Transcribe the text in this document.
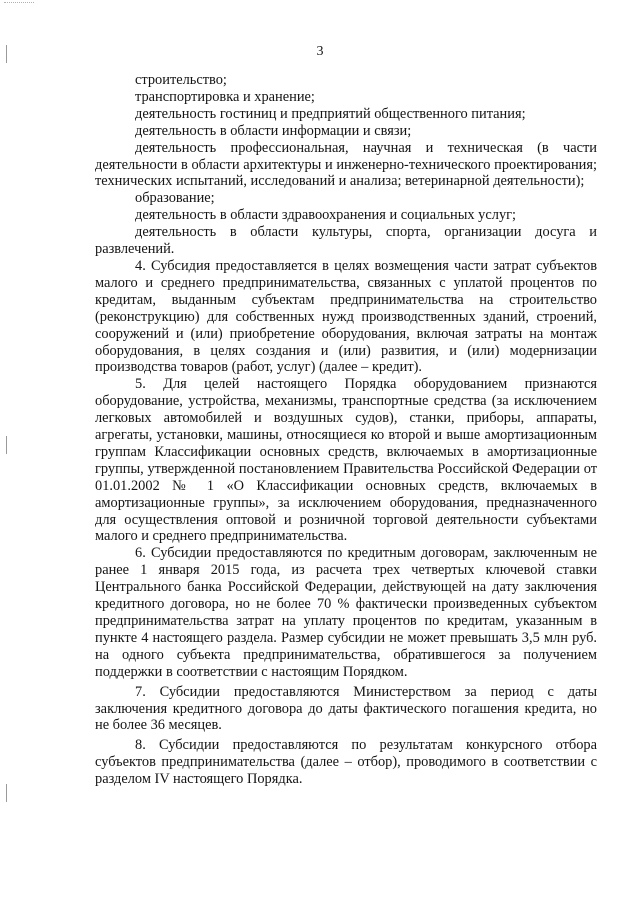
3

строительство;

транспортировка и хранение;

деятельность гостиниц и предприятий общественного питания;

деятельность в области информации и связи;

деятельность профессиональная, научная и техническая (в части деятельности в области архитектуры и инженерно-технического проектирования; технических испытаний, исследований и анализа; ветеринарной деятельности);

образование;

деятельность в области здравоохранения и социальных услуг;

деятельность в области культуры, спорта, организации досуга и развлечений.

4. Субсидия предоставляется в целях возмещения части затрат субъектов малого и среднего предпринимательства, связанных с уплатой процентов по кредитам, выданным субъектам предпринимательства на строительство (реконструкцию) для собственных нужд производственных зданий, строений, сооружений и (или) приобретение оборудования, включая затраты на монтаж оборудования, в целях создания и (или) развития, и (или) модернизации производства товаров (работ, услуг) (далее – кредит).

5. Для целей настоящего Порядка оборудованием признаются оборудование, устройства, механизмы, транспортные средства (за исключением легковых автомобилей и воздушных судов), станки, приборы, аппараты, агрегаты, установки, машины, относящиеся ко второй и выше амортизационным группам Классификации основных средств, включаемых в амортизационные группы, утвержденной постановлением Правительства Российской Федерации от 01.01.2002 № 1 «О Классификации основных средств, включаемых в амортизационные группы», за исключением оборудования, предназначенного для осуществления оптовой и розничной торговой деятельности субъектами малого и среднего предпринимательства.

6. Субсидии предоставляются по кредитным договорам, заключенным не ранее 1 января 2015 года, из расчета трех четвертых ключевой ставки Центрального банка Российской Федерации, действующей на дату заключения кредитного договора, но не более 70 % фактически произведенных субъектом предпринимательства затрат на уплату процентов по кредитам, указанным в пункте 4 настоящего раздела. Размер субсидии не может превышать 3,5 млн руб. на одного субъекта предпринимательства, обратившегося за получением поддержки в соответствии с настоящим Порядком.

7. Субсидии предоставляются Министерством за период с даты заключения кредитного договора до даты фактического погашения кредита, но не более 36 месяцев.

8. Субсидии предоставляются по результатам конкурсного отбора субъектов предпринимательства (далее – отбор), проводимого в соответствии с разделом IV настоящего Порядка.
